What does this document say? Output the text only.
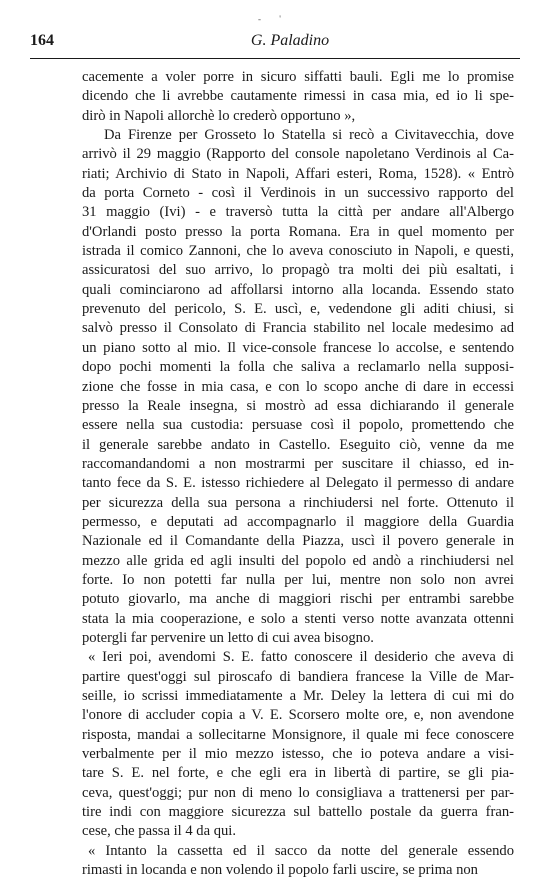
- '
164	G. Paladino
cacemente a voler porre in sicuro siffatti bauli. Egli me lo promise
dicendo che li avrebbe cautamente rimessi in casa mia, ed io li spe-
dirò in Napoli allorchè lo crederò opportuno »,
Da Firenze per Grosseto lo Statella si recò a Civitavecchia, dove
arrivò il 29 maggio (Rapporto del console napoletano Verdinois al Ca-
riati; Archivio di Stato in Napoli, Affari esteri, Roma, 1528). « Entrò
da porta Corneto - così il Verdinois in un successivo rapporto del
31 maggio (Ivi) - e traversò tutta la città per andare all'Albergo
d'Orlandi posto presso la porta Romana. Era in quel momento per
istrada il comico Zannoni, che lo aveva conosciuto in Napoli, e questi,
assicuratosi del suo arrivo, lo propagò tra molti dei più esaltati, i
quali cominciarono ad affollarsi intorno alla locanda. Essendo stato
prevenuto del pericolo, S. E. uscì, e, vedendone gli aditi chiusi, si
salvò presso il Consolato di Francia stabilito nel locale medesimo ad
un piano sotto al mio. Il vice-console francese lo accolse, e sentendo
dopo pochi momenti la folla che saliva a reclamarlo nella supposi-
zione che fosse in mia casa, e con lo scopo anche di dare in eccessi
presso la Reale insegna, si mostrò ad essa dichiarando il generale
essere nella sua custodia: persuase così il popolo, promettendo che
il generale sarebbe andato in Castello. Eseguito ciò, venne da me
raccomandandomi a non mostrarmi per suscitare il chiasso, ed in-
tanto fece da S. E. istesso richiedere al Delegato il permesso di andare
per sicurezza della sua persona a rinchiudersi nel forte. Ottenuto il
permesso, e deputati ad accompagnarlo il maggiore della Guardia
Nazionale ed il Comandante della Piazza, uscì il povero generale in
mezzo alle grida ed agli insulti del popolo ed andò a rinchiudersi nel
forte. Io non potetti far nulla per lui, mentre non solo non avrei
potuto giovarlo, ma anche di maggiori rischi per entrambi sarebbe
stata la mia cooperazione, e solo a stenti verso notte avanzata ottenni
potergli far pervenire un letto di cui avea bisogno.
« Ieri poi, avendomi S. E. fatto conoscere il desiderio che aveva di
partire quest'oggi sul piroscafo di bandiera francese la Ville de Mar-
seille, io scrissi immediatamente a Mr. Deley la lettera di cui mi do
l'onore di accluder copia a V. E. Scorsero molte ore, e, non avendone
risposta, mandai a sollecitarne Monsignore, il quale mi fece conoscere
verbalmente per il mio mezzo istesso, che io poteva andare a visi-
tare S. E. nel forte, e che egli era in libertà di partire, se gli pia-
ceva, quest'oggi; pur non di meno lo consigliava a trattenersi per par-
tire indi con maggiore sicurezza sul battello postale da guerra fran-
cese, che passa il 4 da qui.
« Intanto la cassetta ed il sacco da notte del generale essendo
rimasti in locanda e non volendo il popolo farli uscire, se prima non
